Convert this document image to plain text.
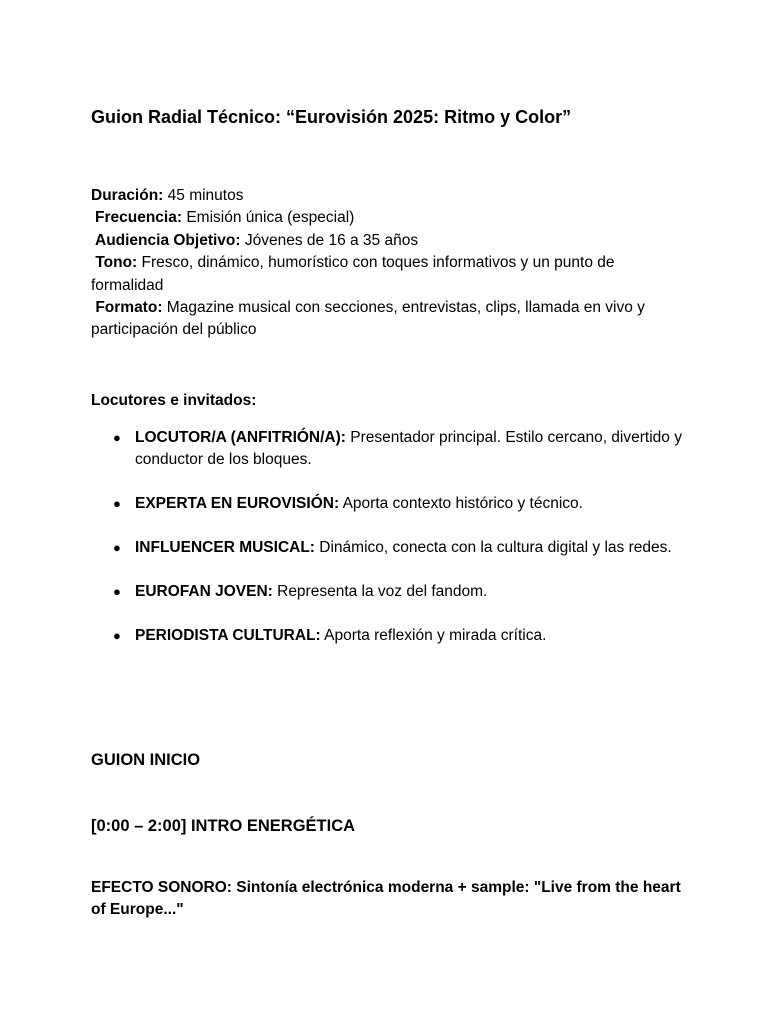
Guion Radial Técnico: “Eurovisión 2025: Ritmo y Color”
Duración: 45 minutos
Frecuencia: Emisión única (especial)
Audiencia Objetivo: Jóvenes de 16 a 35 años
Tono: Fresco, dinámico, humorístico con toques informativos y un punto de formalidad
Formato: Magazine musical con secciones, entrevistas, clips, llamada en vivo y participación del público
Locutores e invitados:
● LOCUTOR/A (ANFITRIÓN/A): Presentador principal. Estilo cercano, divertido y conductor de los bloques.
● EXPERTA EN EUROVISIÓN: Aporta contexto histórico y técnico.
● INFLUENCER MUSICAL: Dinámico, conecta con la cultura digital y las redes.
● EUROFAN JOVEN: Representa la voz del fandom.
● PERIODISTA CULTURAL: Aporta reflexión y mirada crítica.
GUION INICIO
[0:00 – 2:00] INTRO ENERGÉTICA
EFECTO SONORO: Sintonía electrónica moderna + sample: "Live from the heart of Europe..."
